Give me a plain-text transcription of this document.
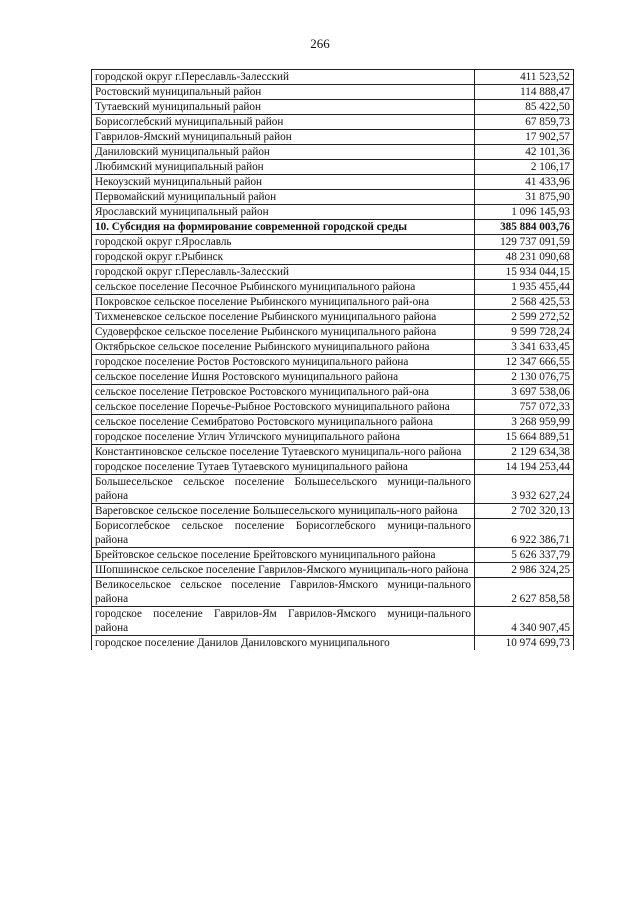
266
городской округ г.Переславль-Залесский	411 523,52
Ростовский муниципальный район	114 888,47
Тутаевский муниципальный район	85 422,50
Борисоглебский муниципальный район	67 859,73
Гаврилов-Ямский муниципальный район	17 902,57
Даниловский муниципальный район	42 101,36
Любимский муниципальный район	2 106,17
Некоузский муниципальный район	41 433,96
Первомайский муниципальный район	31 875,90
Ярославский муниципальный район	1 096 145,93
10. Субсидия на формирование современной городской среды	385 884 003,76
городской округ г.Ярославль	129 737 091,59
городской округ г.Рыбинск	48 231 090,68
городской округ г.Переславль-Залесский	15 934 044,15
сельское поселение Песочное Рыбинского муниципального района	1 935 455,44
Покровское сельское поселение Рыбинского муниципального рай-она	2 568 425,53
Тихменевское сельское поселение Рыбинского муниципального района	2 599 272,52
Судоверфское сельское поселение Рыбинского муниципального района	9 599 728,24
Октябрьское сельское поселение Рыбинского муниципального района	3 341 633,45
городское поселение Ростов Ростовского муниципального района	12 347 666,55
сельское поселение Ишня Ростовского муниципального района	2 130 076,75
сельское поселение Петровское Ростовского муниципального рай-она	3 697 538,06
сельское поселение Поречье-Рыбное Ростовского муниципального района	757 072,33
сельское поселение Семибратово Ростовского муниципального района	3 268 959,99
городское поселение Углич Угличского муниципального района	15 664 889,51
Константиновское сельское поселение Тутаевского муниципаль-ного района	2 129 634,38
городское поселение Тутаев Тутаевского муниципального района	14 194 253,44
Большесельское сельское поселение Большесельского муници-пального района	3 932 627,24
Вареговское сельское поселение Большесельского муниципаль-ного района	2 702 320,13
Борисоглебское сельское поселение Борисоглебского муници-пального района	6 922 386,71
Брейтовское сельское поселение Брейтовского муниципального района	5 626 337,79
Шопшинское сельское поселение Гаврилов-Ямского муниципаль-ного района	2 986 324,25
Великосельское сельское поселение Гаврилов-Ямского муници-пального района	2 627 858,58
городское поселение Гаврилов-Ям Гаврилов-Ямского муници-пального района	4 340 907,45
городское поселение Данилов Даниловского муниципального	10 974 699,73
